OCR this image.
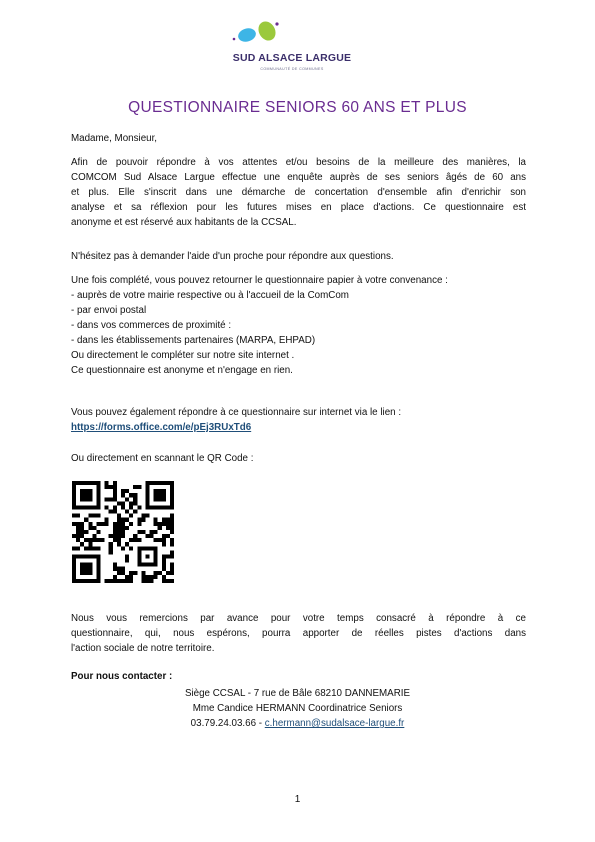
SUD ALSACE LARGUE
COMMUNAUTÉ DE COMMUNES
QUESTIONNAIRE SENIORS 60 ANS ET PLUS
Madame, Monsieur,
Afin de pouvoir répondre à vos attentes et/ou besoins de la meilleure des manières, la
COMCOM Sud Alsace Largue effectue une enquête auprès de ses seniors âgés de 60 ans
et plus. Elle s'inscrit dans une démarche de concertation d'ensemble afin d'enrichir son
analyse et sa réflexion pour les futures mises en place d'actions. Ce questionnaire est
anonyme et est réservé aux habitants de la CCSAL.
N'hésitez pas à demander l'aide d'un proche pour répondre aux questions.
Une fois complété, vous pouvez retourner le questionnaire papier à votre convenance :
- auprès de votre mairie respective ou à l'accueil de la ComCom
- par envoi postal
- dans vos commerces de proximité :
- dans les établissements partenaires (MARPA, EHPAD)
Ou directement le compléter sur notre site internet .
Ce questionnaire est anonyme et n'engage en rien.
Vous pouvez également répondre à ce questionnaire sur internet via le lien :
https://forms.office.com/e/pEj3RUxTd6
Ou directement en scannant le QR Code :
Nous vous remercions par avance pour votre temps consacré à répondre à ce
questionnaire, qui, nous espérons, pourra apporter de réelles pistes d'actions dans
l'action sociale de notre territoire.
Pour nous contacter :
Siège CCSAL - 7 rue de Bâle 68210 DANNEMARIE
Mme Candice HERMANN Coordinatrice Seniors
03.79.24.03.66 - c.hermann@sudalsace-largue.fr
1
